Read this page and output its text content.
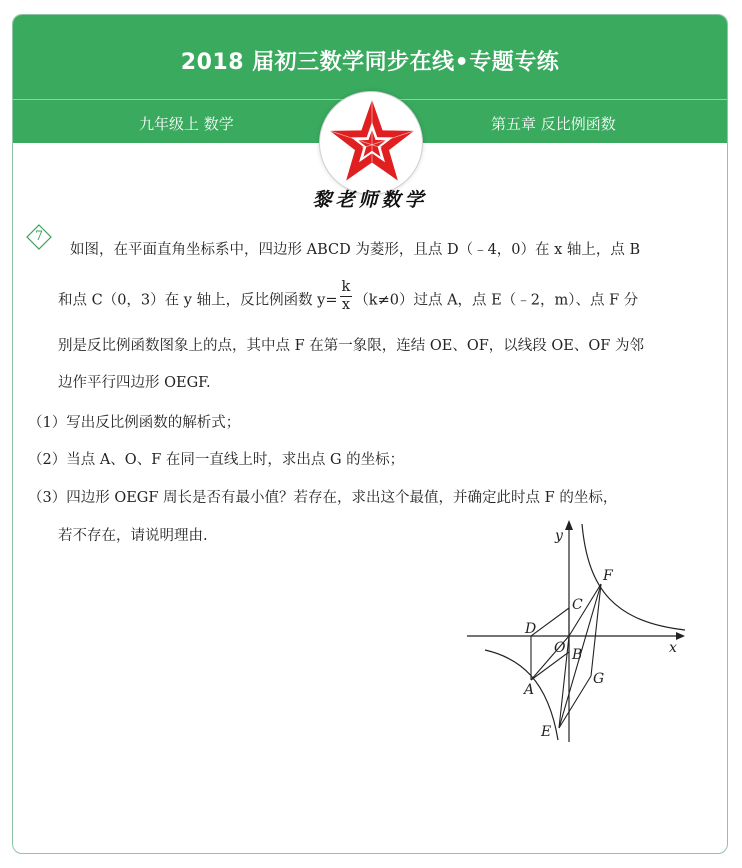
2018 届初三数学同步在线•专题专练
九年级上 数学	第五章 反比例函数
黎老师数学
7
如图，在平面直角坐标系中，四边形 ABCD 为菱形，且点 D（﹣4，0）在 x 轴上，点 B
和点 C（0，3）在 y 轴上，反比例函数 $y= \frac{k}{x} (k\ne 0)$过点 A，点 E（﹣2，m）、点 F 分
别是反比例函数图象上的点，其中点 F 在第一象限，连结 OE、OF，以线段 OE、OF 为邻
边作平行四边形 OEGF.
（1）写出反比例函数的解析式；
（2）当点 A、O、F 在同一直线上时，求出点 G 的坐标；
（3）四边形 OEGF 周长是否有最小值？若存在，求出这个最值，并确定此时点 F 的坐标，
若不存在，请说明理由.	y
x
C
D
O B
F
A
G
E
